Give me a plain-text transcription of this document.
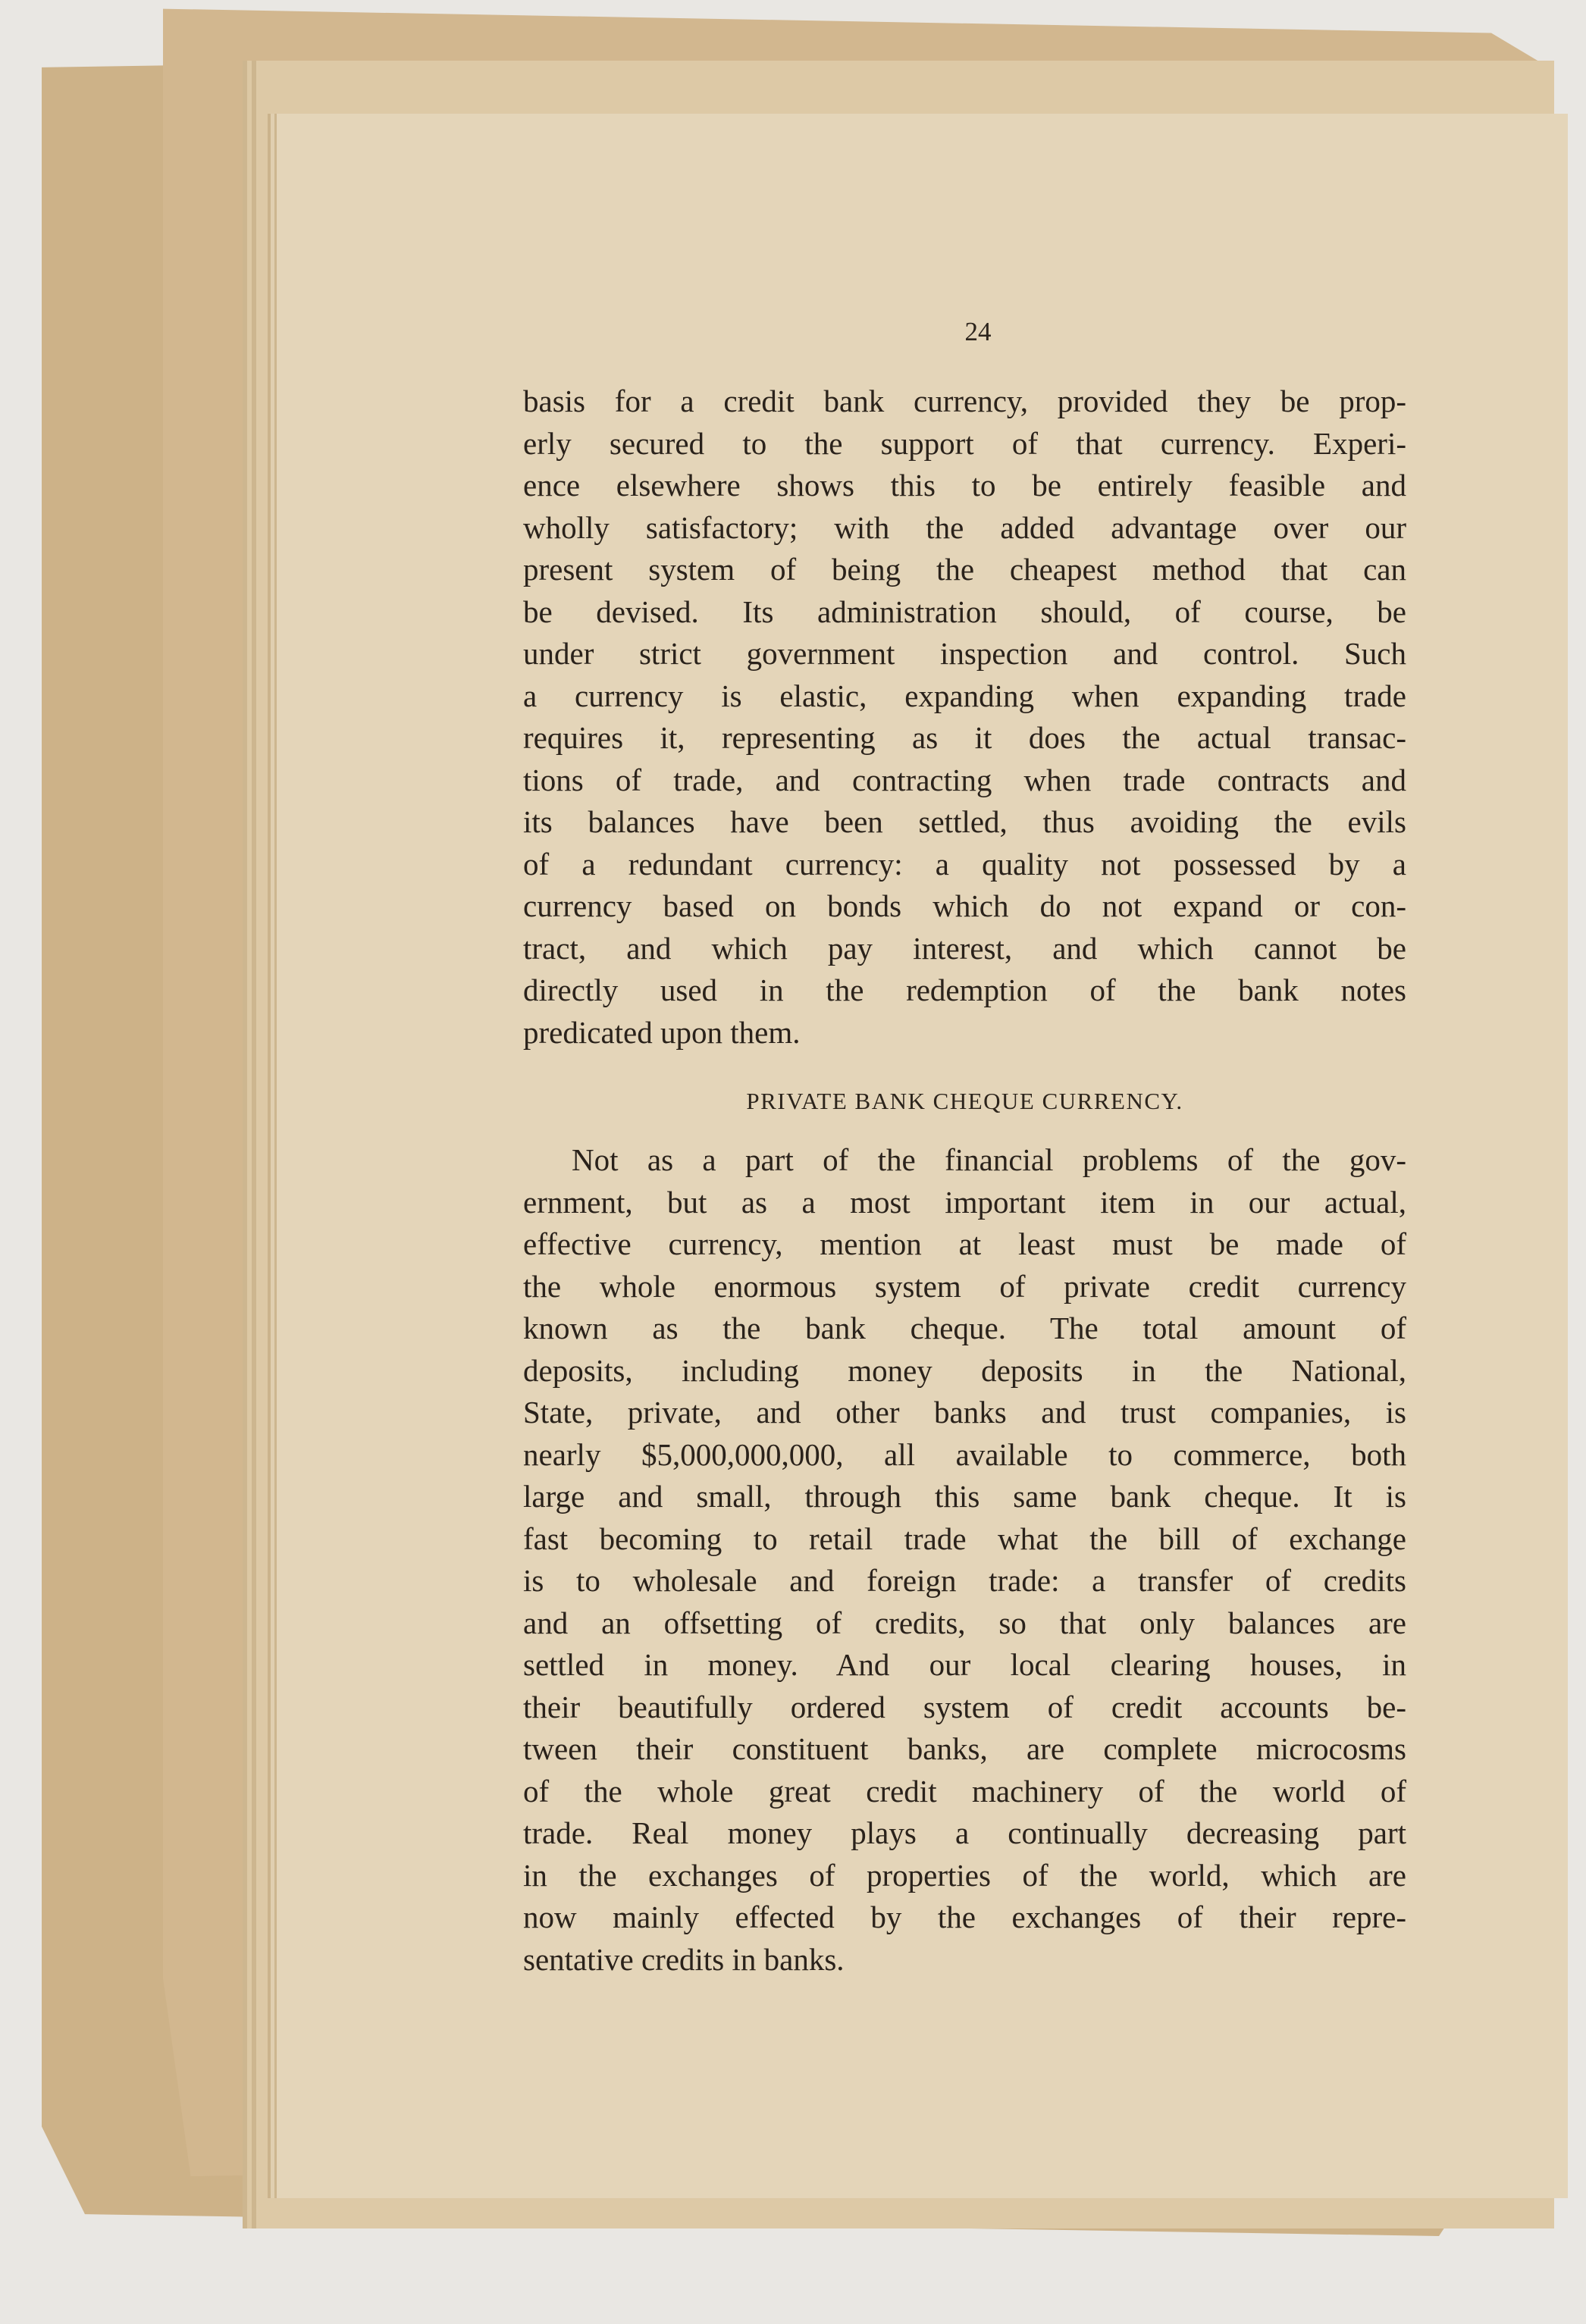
24
basis for a credit bank currency, provided they be prop-
erly secured to the support of that currency. Experi-
ence elsewhere shows this to be entirely feasible and
wholly satisfactory; with the added advantage over our
present system of being the cheapest method that can
be devised. Its administration should, of course, be
under strict government inspection and control. Such
a currency is elastic, expanding when expanding trade
requires it, representing as it does the actual transac-
tions of trade, and contracting when trade contracts and
its balances have been settled, thus avoiding the evils
of a redundant currency: a quality not possessed by a
currency based on bonds which do not expand or con-
tract, and which pay interest, and which cannot be
directly used in the redemption of the bank notes
predicated upon them.
PRIVATE BANK CHEQUE CURRENCY.
Not as a part of the financial problems of the gov-
ernment, but as a most important item in our actual,
effective currency, mention at least must be made of
the whole enormous system of private credit currency
known as the bank cheque. The total amount of
deposits, including money deposits in the National,
State, private, and other banks and trust companies, is
nearly $5,000,000,000, all available to commerce, both
large and small, through this same bank cheque. It is
fast becoming to retail trade what the bill of exchange
is to wholesale and foreign trade: a transfer of credits
and an offsetting of credits, so that only balances are
settled in money. And our local clearing houses, in
their beautifully ordered system of credit accounts be-
tween their constituent banks, are complete microcosms
of the whole great credit machinery of the world of
trade. Real money plays a continually decreasing part
in the exchanges of properties of the world, which are
now mainly effected by the exchanges of their repre-
sentative credits in banks.
